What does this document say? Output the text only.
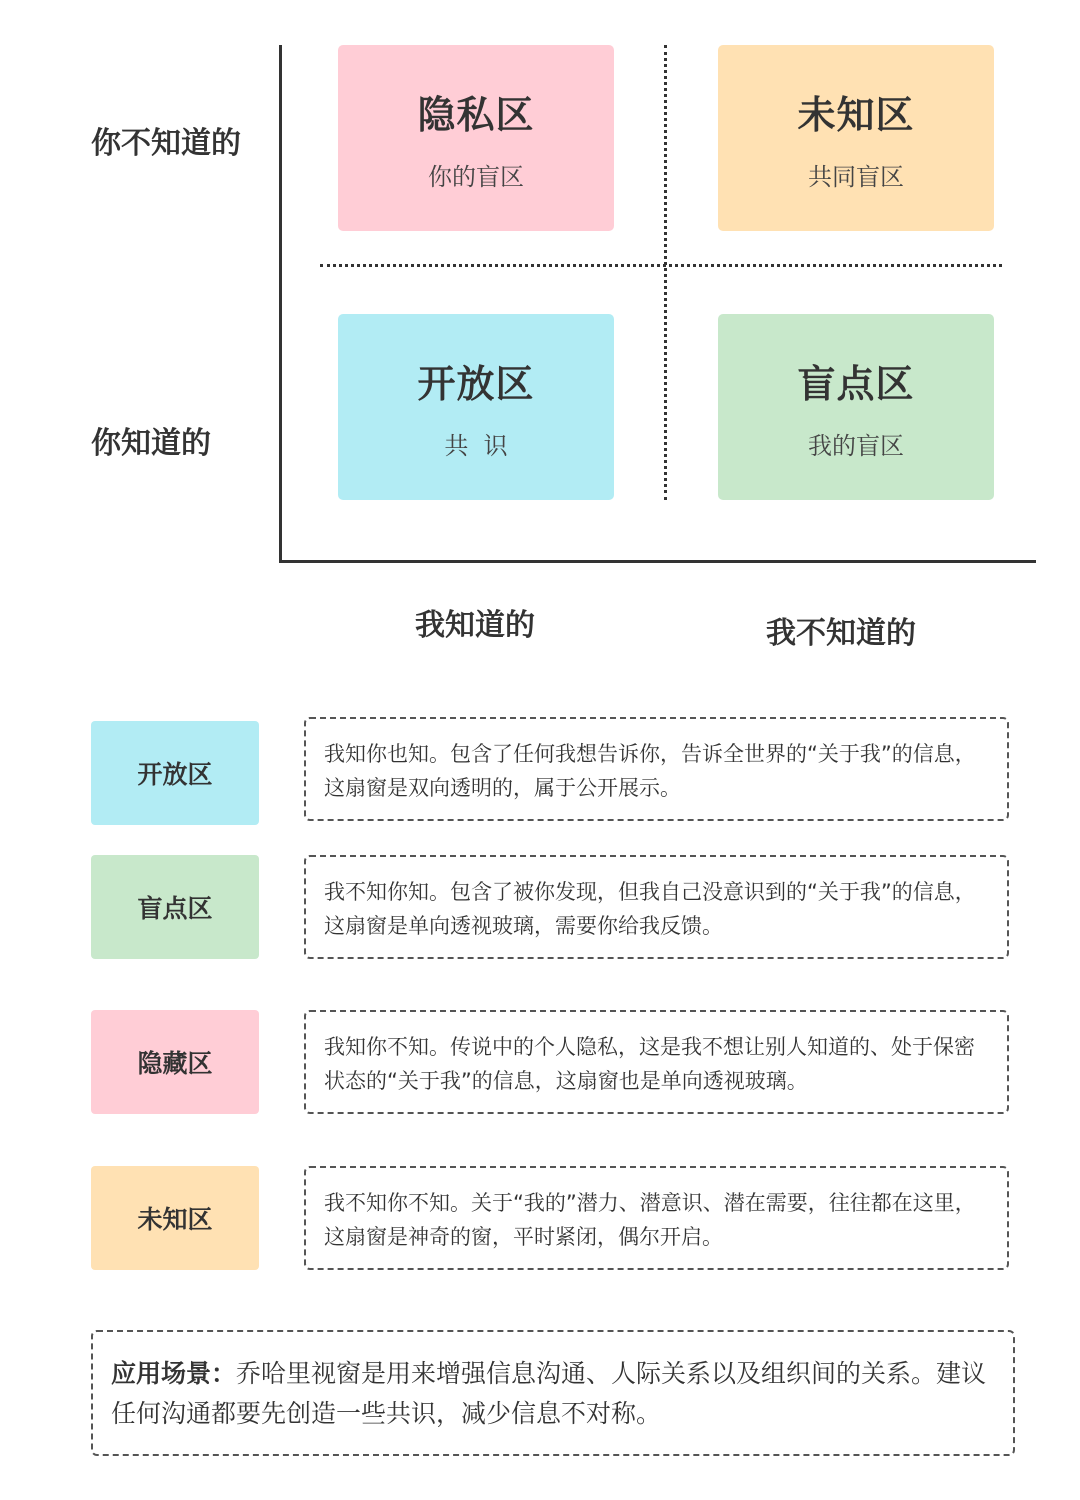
你不知道的
你知道的
隐私区
你的盲区
未知区
共同盲区
开放区
共  识
盲点区
我的盲区
我知道的	我不知道的
开放区
我知你也知。包含了任何我想告诉你，告诉全世界的“关于我”的信息，这扇窗是双向透明的，属于公开展示。
盲点区
我不知你知。包含了被你发现，但我自己没意识到的“关于我”的信息，这扇窗是单向透视玻璃，需要你给我反馈。
隐藏区
我知你不知。传说中的个人隐私，这是我不想让别人知道的、处于保密状态的“关于我”的信息，这扇窗也是单向透视玻璃。
未知区
我不知你不知。关于“我的”潜力、潜意识、潜在需要，往往都在这里，这扇窗是神奇的窗，平时紧闭，偶尔开启。
应用场景：乔哈里视窗是用来增强信息沟通、人际关系以及组织间的关系。建议任何沟通都要先创造一些共识，减少信息不对称。
